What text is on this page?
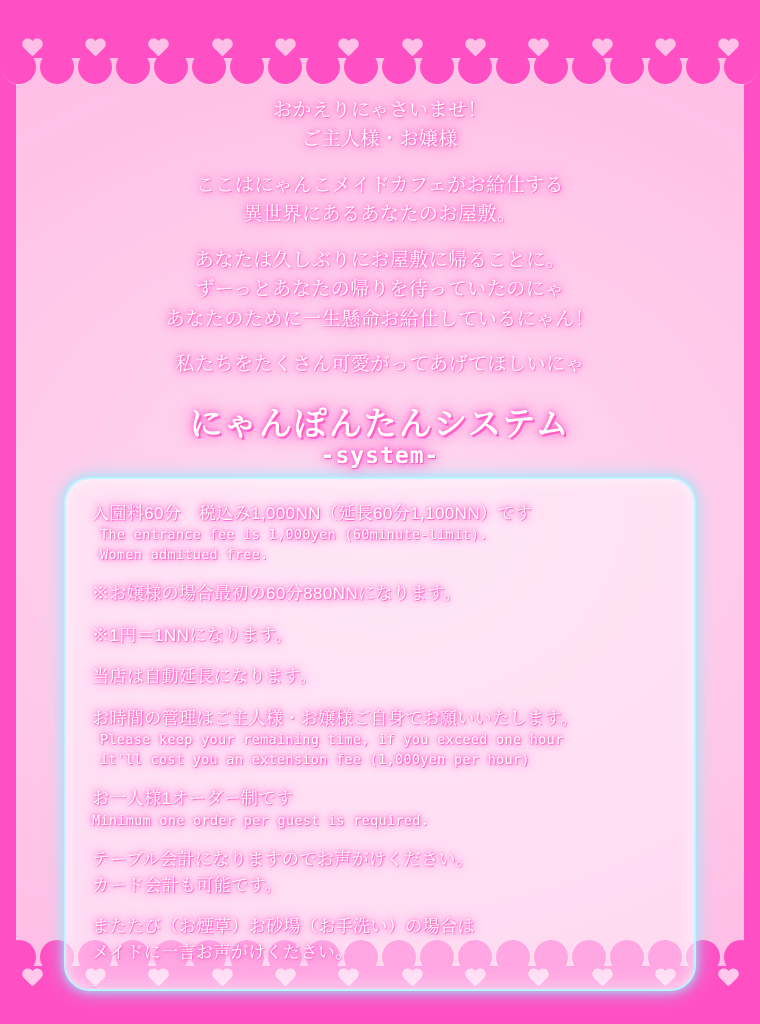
おかえりにゃさいませ！
ご主人様・お嬢様
ここはにゃんこメイドカフェがお給仕する
異世界にあるあなたのお屋敷。
あなたは久しぶりにお屋敷に帰ることに。
ずーっとあなたの帰りを待っていたのにゃ
あなたのために一生懸命お給仕しているにゃん！
私たちをたくさん可愛がってあげてほしいにゃ
にゃんぽんたんシステム
-system-
入園料60分　税込み1,000NN（延長60分1,100NN）です
The entrance fee is 1,000yen (60minute-limit).
Women admitued free.
※お嬢様の場合最初の60分880NNになります。
※1円＝1NNになります。
当店は自動延長になります。
お時間の管理はご主人様・お嬢様ご自身でお願いいたします。
Please keep your remaining time, if you exceed one hour
it'll cost you an extension fee (1,000yen per hour)
お一人様1オーダー制です
Minimum one order per guest is required.
テーブル会計になりますのでお声がけください。
カード会計も可能です。
またたび（お煙草）お砂場（お手洗い）の場合は
メイドに一言お声がけください。
